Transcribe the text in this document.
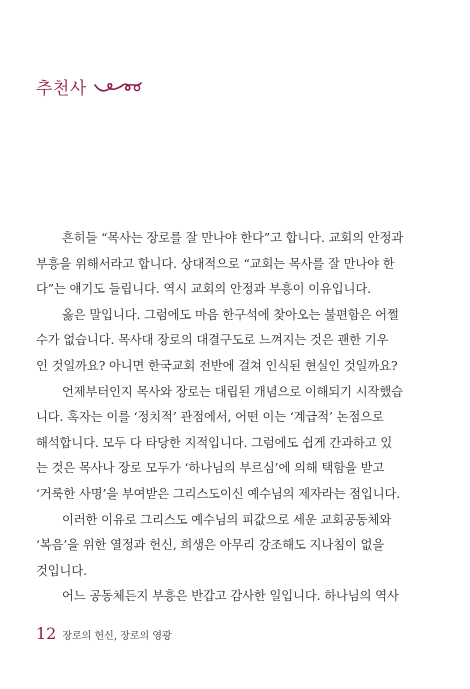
추천사
흔히들 “목사는 장로를 잘 만나야 한다”고 합니다. 교회의 안정과
부흥을 위해서라고 합니다. 상대적으로 “교회는 목사를 잘 만나야 한
다”는 얘기도 들립니다. 역시 교회의 안정과 부흥이 이유입니다.
옳은 말입니다. 그럼에도 마음 한구석에 찾아오는 불편함은 어쩔
수가 없습니다. 목사대 장로의 대결구도로 느껴지는 것은 괜한 기우
인 것일까요? 아니면 한국교회 전반에 걸쳐 인식된 현실인 것일까요?
언제부터인지 목사와 장로는 대립된 개념으로 이해되기 시작했습
니다. 혹자는 이를 ‘정치적’ 관점에서, 어떤 이는 ‘계급적’ 논점으로
해석합니다. 모두 다 타당한 지적입니다. 그럼에도 쉽게 간과하고 있
는 것은 목사나 장로 모두가 ‘하나님의 부르심’에 의해 택함을 받고
‘거룩한 사명’을 부여받은 그리스도이신 예수님의 제자라는 점입니다.
이러한 이유로 그리스도 예수님의 피값으로 세운 교회공동체와
‘복음’을 위한 열정과 헌신, 희생은 아무리 강조해도 지나침이 없을
것입니다.
어느 공동체든지 부흥은 반갑고 감사한 일입니다. 하나님의 역사
12 장로의 헌신, 장로의 영광
